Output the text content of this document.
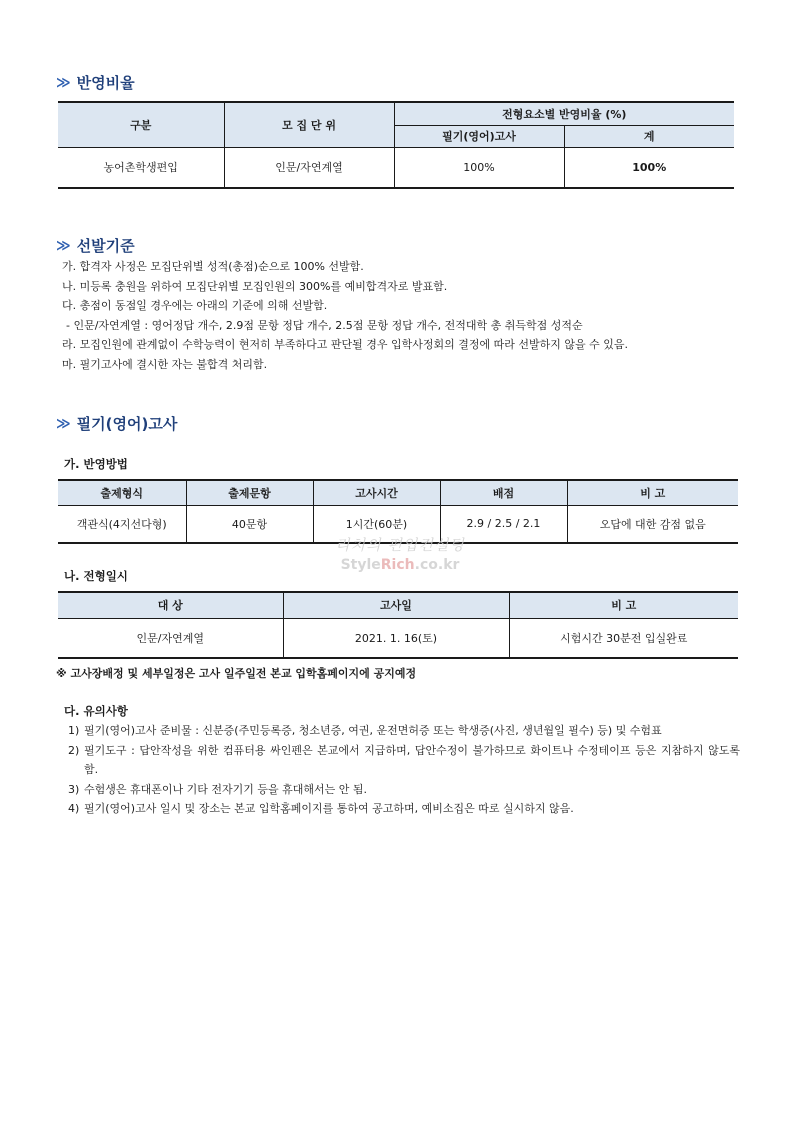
≫ 반영비율
구분	모 집 단 위	전형요소별 반영비율 (%)	
		필기(영어)고사	계
농어촌학생편입	인문/자연계열	100%	100%
≫ 선발기준
가. 합격자 사정은 모집단위별 성적(총점)순으로 100% 선발함.
나. 미등록 충원을 위하여 모집단위별 모집인원의 300%를 예비합격자로 발표함.
다. 총점이 동점일 경우에는 아래의 기준에 의해 선발함.
- 인문/자연계열 : 영어정답 개수, 2.9점 문항 정답 개수, 2.5점 문항 정답 개수, 전적대학 총 취득학점 성적순
라. 모집인원에 관계없이 수학능력이 현저히 부족하다고 판단될 경우 입학사정회의 결정에 따라 선발하지 않을 수 있음.
마. 필기고사에 결시한 자는 불합격 처리함.
≫ 필기(영어)고사
가. 반영방법
출제형식	출제문항	고사시간	배점	비 고
객관식(4지선다형)	40문항	1시간(60분)	2.9 / 2.5 / 2.1	오답에 대한 감점 없음
리치의 편입컨설팅
StyleRich.co.kr
나. 전형일시
대 상	고사일	비 고
인문/자연계열	2021. 1. 16(토)	시험시간 30분전 입실완료
※ 고사장배정 및 세부일정은 고사 일주일전 본교 입학홈페이지에 공지예정
다. 유의사항
1) 필기(영어)고사 준비물 : 신분증(주민등록증, 청소년증, 여권, 운전면허증 또는 학생증(사진, 생년월일 필수) 등) 및 수험표
2) 필기도구 : 답안작성을 위한 컴퓨터용 싸인펜은 본교에서 지급하며, 답안수정이 불가하므로 화이트나 수정테이프 등은 지참하지 않도록 함.
3) 수험생은 휴대폰이나 기타 전자기기 등을 휴대해서는 안 됨.
4) 필기(영어)고사 일시 및 장소는 본교 입학홈페이지를 통하여 공고하며, 예비소집은 따로 실시하지 않음.
